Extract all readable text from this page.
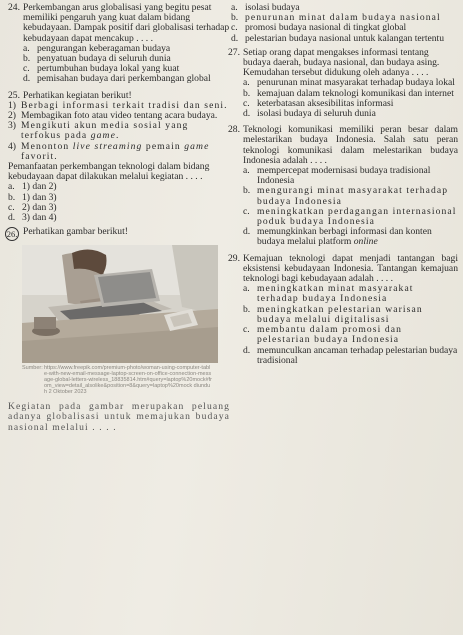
24. Perkembangan arus globalisasi yang begitu pesat memiliki pengaruh yang kuat dalam bidang kebudayaan. Dampak positif dari globalisasi terhadap kebudayaan dapat mencakup . . . .
a. pengurangan keberagaman budaya
b. penyatuan budaya di seluruh dunia
c. pertumbuhan budaya lokal yang kuat
d. pemisahan budaya dari perkembangan global
25. Perhatikan kegiatan berikut!
1) Berbagi informasi terkait tradisi dan seni.
2) Membagikan foto atau video tentang acara budaya.
3) Mengikuti akun media sosial yang terfokus pada game.
4) Menonton live streaming pemain game favorit.
Pemanfaatan perkembangan teknologi dalam bidang kebudayaan dapat dilakukan melalui kegiatan . . . .
a. 1) dan 2)
b. 1) dan 3)
c. 2) dan 3)
d. 3) dan 4)
26. Perhatikan gambar berikut!
Sumber: https://www.freepik.com/premium-photo/woman-using-computer-table-with-new-email-message-laptop-screen-on-office-connection-message-global-letters-wireless_18835814.htm#query=laptop%20mock#from_view=detail_alsolike&position=8&query=laptop%20mock diunduh 2 Oktober 2023
Kegiatan pada gambar merupakan peluang adanya globalisasi untuk memajukan budaya nasional melalui . . . .
a. isolasi budaya
b. penurunan minat dalam budaya nasional
c. promosi budaya nasional di tingkat global
d. pelestarian budaya nasional untuk kalangan tertentu
27. Setiap orang dapat mengakses informasi tentang budaya daerah, budaya nasional, dan budaya asing. Kemudahan tersebut didukung oleh adanya . . . .
a. penurunan minat masyarakat terhadap budaya lokal
b. kemajuan dalam teknologi komunikasi dan internet
c. keterbatasan aksesibilitas informasi
d. isolasi budaya di seluruh dunia
28. Teknologi komunikasi memiliki peran besar dalam melestarikan budaya Indonesia. Salah satu peran teknologi komunikasi dalam melestarikan budaya Indonesia adalah . . . .
a. mempercepat modernisasi budaya tradisional Indonesia
b. mengurangi minat masyarakat terhadap budaya Indonesia
c. meningkatkan perdagangan internasional poduk budaya Indonesia
d. memungkinkan berbagi informasi dan konten budaya melalui platform online
29. Kemajuan teknologi dapat menjadi tantangan bagi eksistensi kebudayaan Indonesia. Tantangan kemajuan teknologi bagi kebudayaan adalah . . . .
a. meningkatkan minat masyarakat terhadap budaya Indonesia
b. meningkatkan pelestarian warisan budaya melalui digitalisasi
c. membantu dalam promosi dan pelestarian budaya Indonesia
d. memunculkan ancaman terhadap pelestarian budaya tradisional
